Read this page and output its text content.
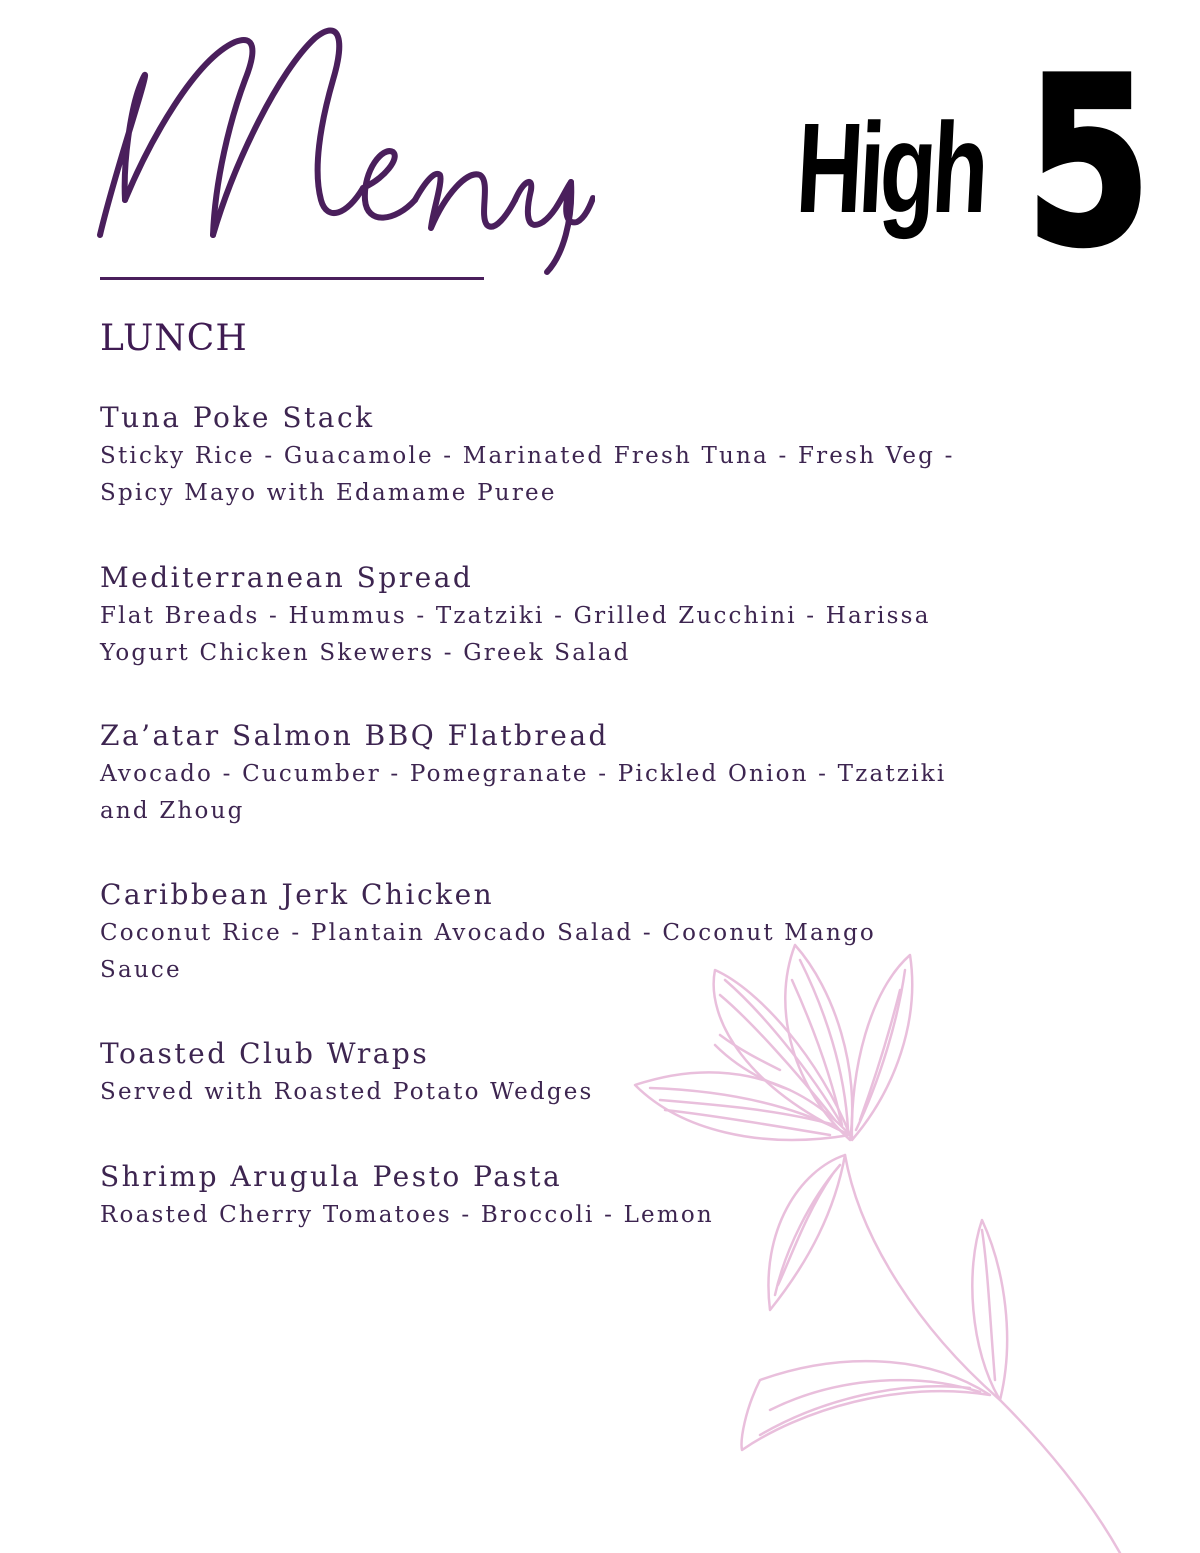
High 5
LUNCH
Tuna Poke Stack

Sticky Rice - Guacamole - Marinated Fresh Tuna - Fresh Veg -

Spicy Mayo with Edamame Puree

Mediterranean Spread

Flat Breads - Hummus - Tzatziki - Grilled Zucchini - Harissa

Yogurt Chicken Skewers - Greek Salad

Za’atar Salmon BBQ Flatbread

Avocado - Cucumber - Pomegranate - Pickled Onion - Tzatziki

and Zhoug

Caribbean Jerk Chicken

Coconut Rice - Plantain Avocado Salad - Coconut Mango

Sauce

Toasted Club Wraps

Served with Roasted Potato Wedges

Shrimp Arugula Pesto Pasta

Roasted Cherry Tomatoes - Broccoli - Lemon
